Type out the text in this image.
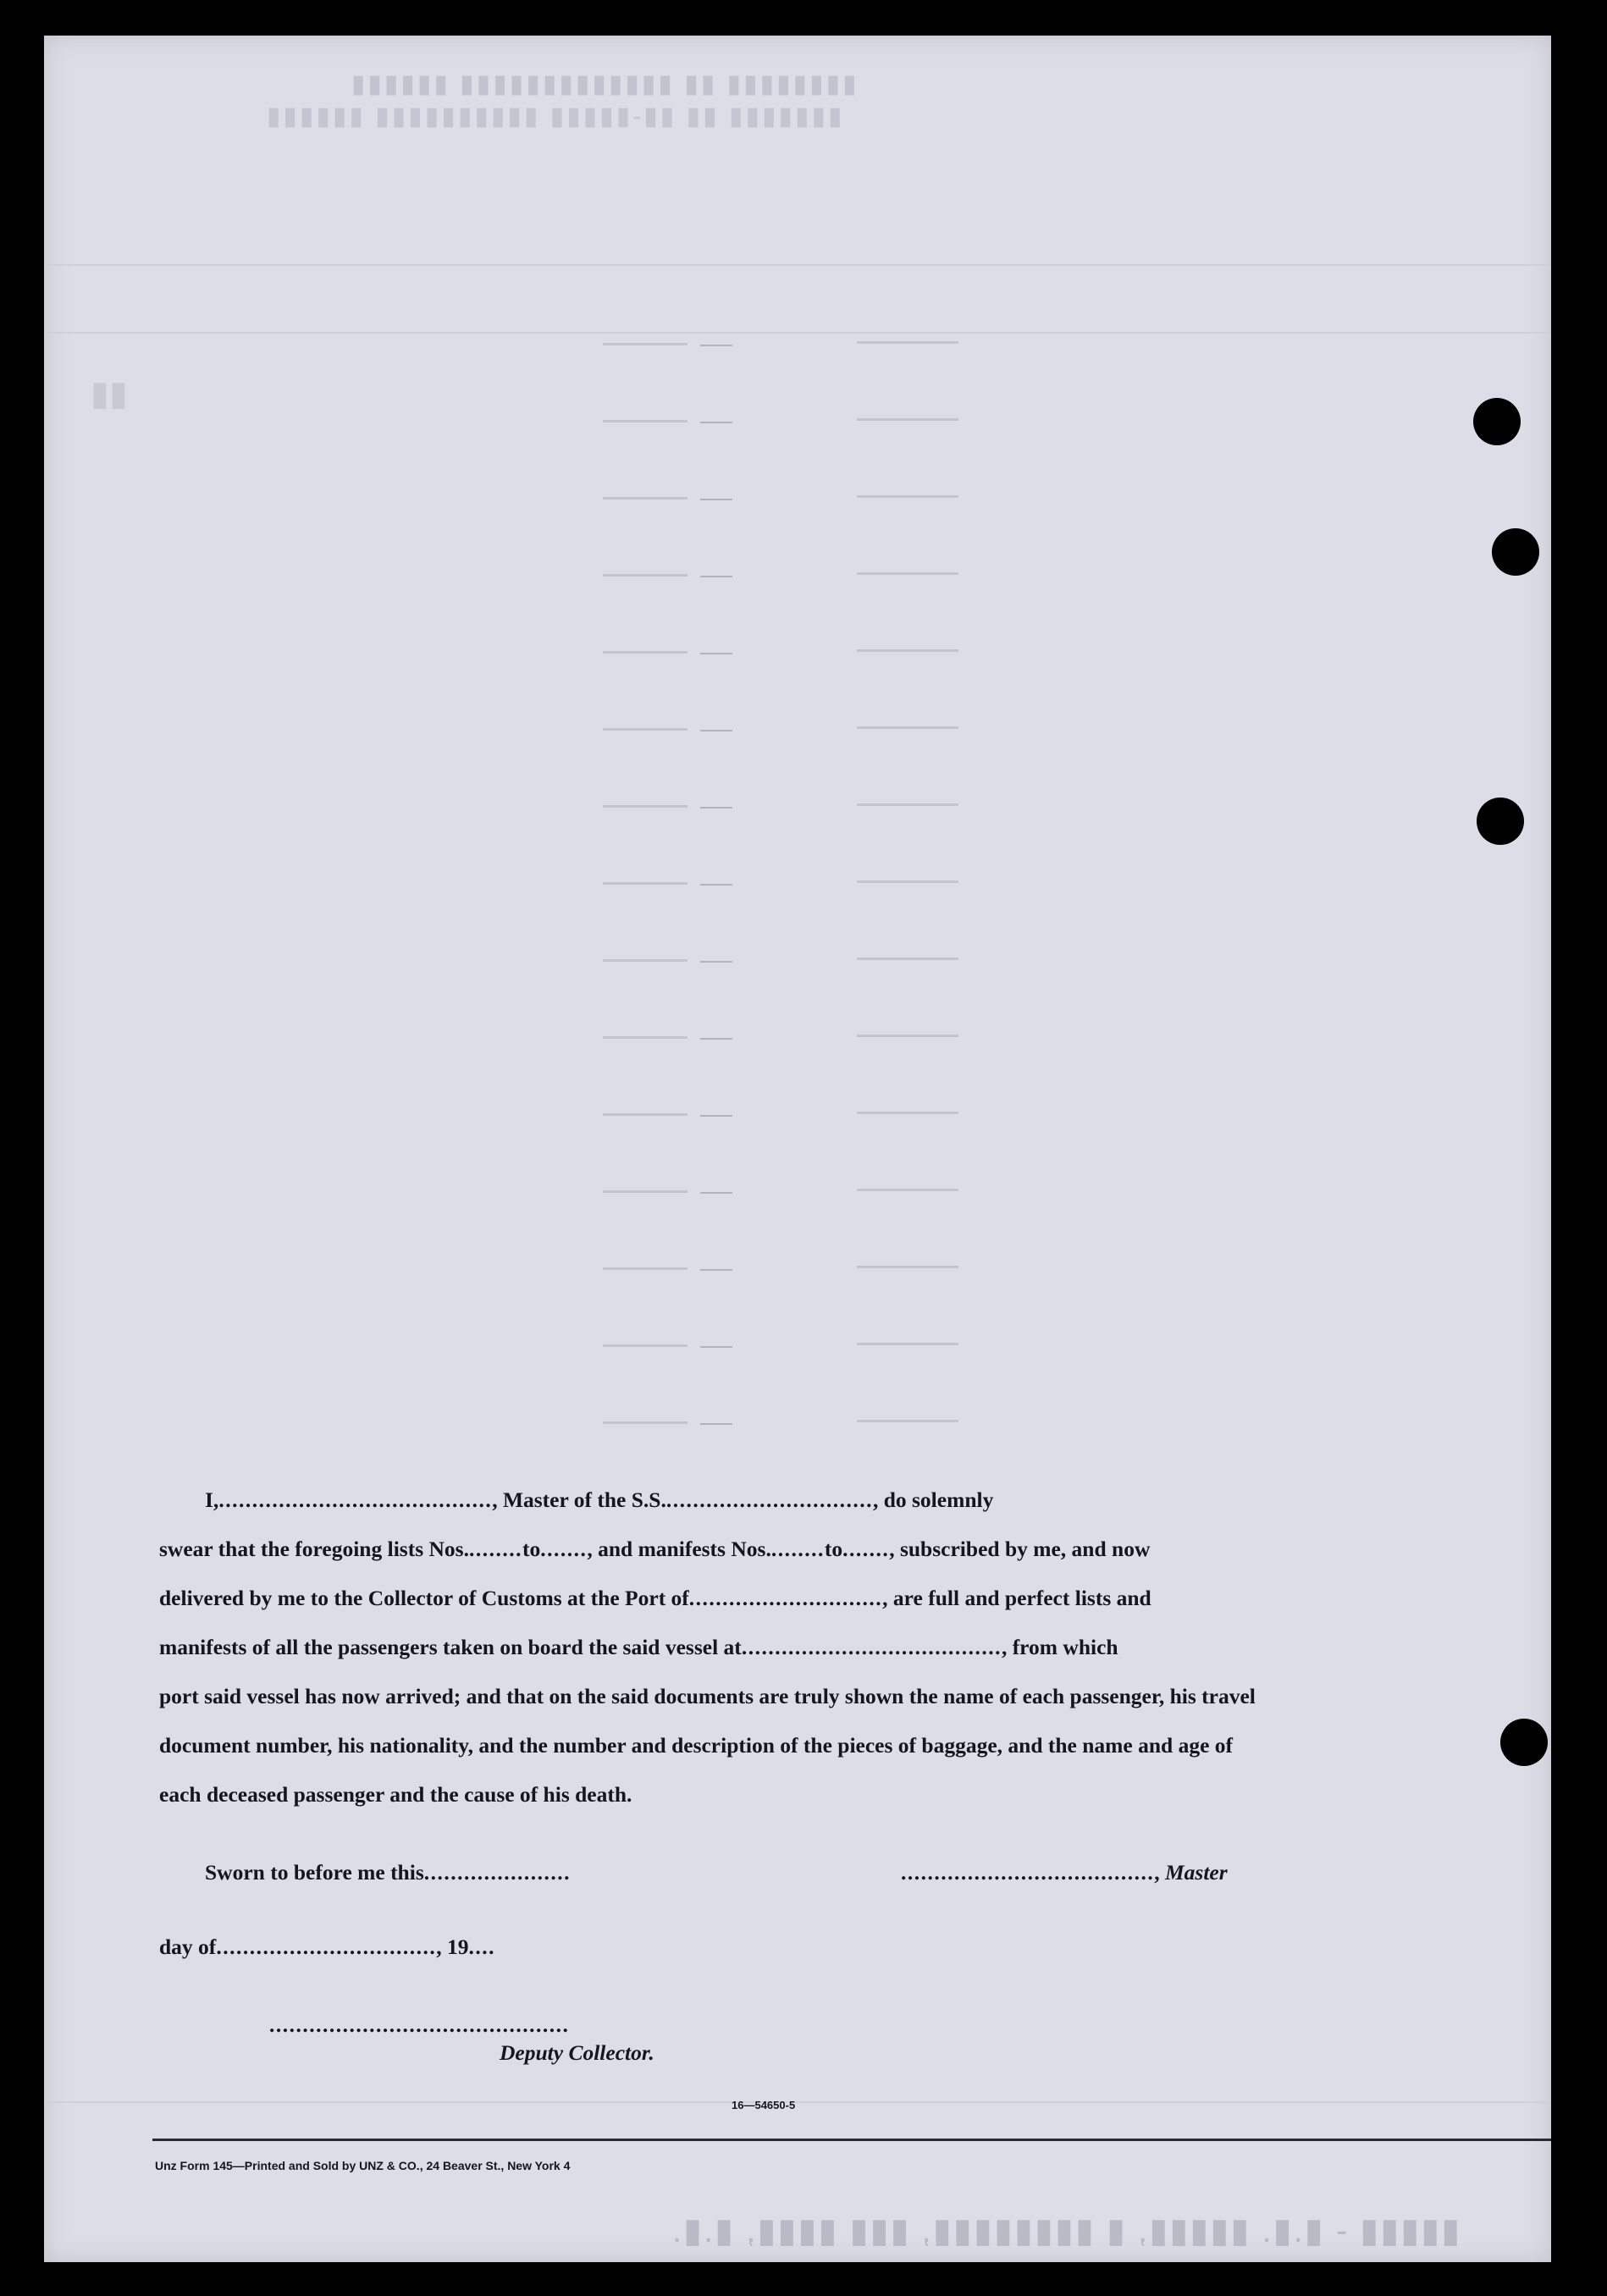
▮▮▮▮▮▮▮▮ ▮▮ ▮▮▮▮▮▮▮▮▮▮▮▮▮ ▮▮▮▮▮▮
▮▮▮▮▮▮▮ ▮▮ ▮▮-▮▮▮▮▮ ▮▮▮▮▮▮▮▮▮▮ ▮▮▮▮▮▮
▮▮
▮▮▮▮▮ - ▮.▮. ▮▮▮▮▮, ▮ ▮▮▮▮▮▮▮▮, ▮▮▮ ▮▮▮▮, ▮.▮.
I,........................................., Master of the S.S................................, do solemnly
swear that the foregoing lists Nos.........to......., and manifests Nos.........to......., subscribed by me, and now
delivered by me to the Collector of Customs at the Port of............................., are full and perfect lists and
manifests of all the passengers taken on board the said vessel at......................................., from which
port said vessel has now arrived; and that on the said documents are truly shown the name of each passenger, his travel
document number, his nationality, and the number and description of the pieces of baggage, and the name and age of
each deceased passenger and the cause of his death.
Sworn to before me this......................	......................................, Master
day of................................., 19....
.............................................
Deputy Collector.
16—54650-5
Unz Form 145—Printed and Sold by UNZ & CO., 24 Beaver St., New York 4
